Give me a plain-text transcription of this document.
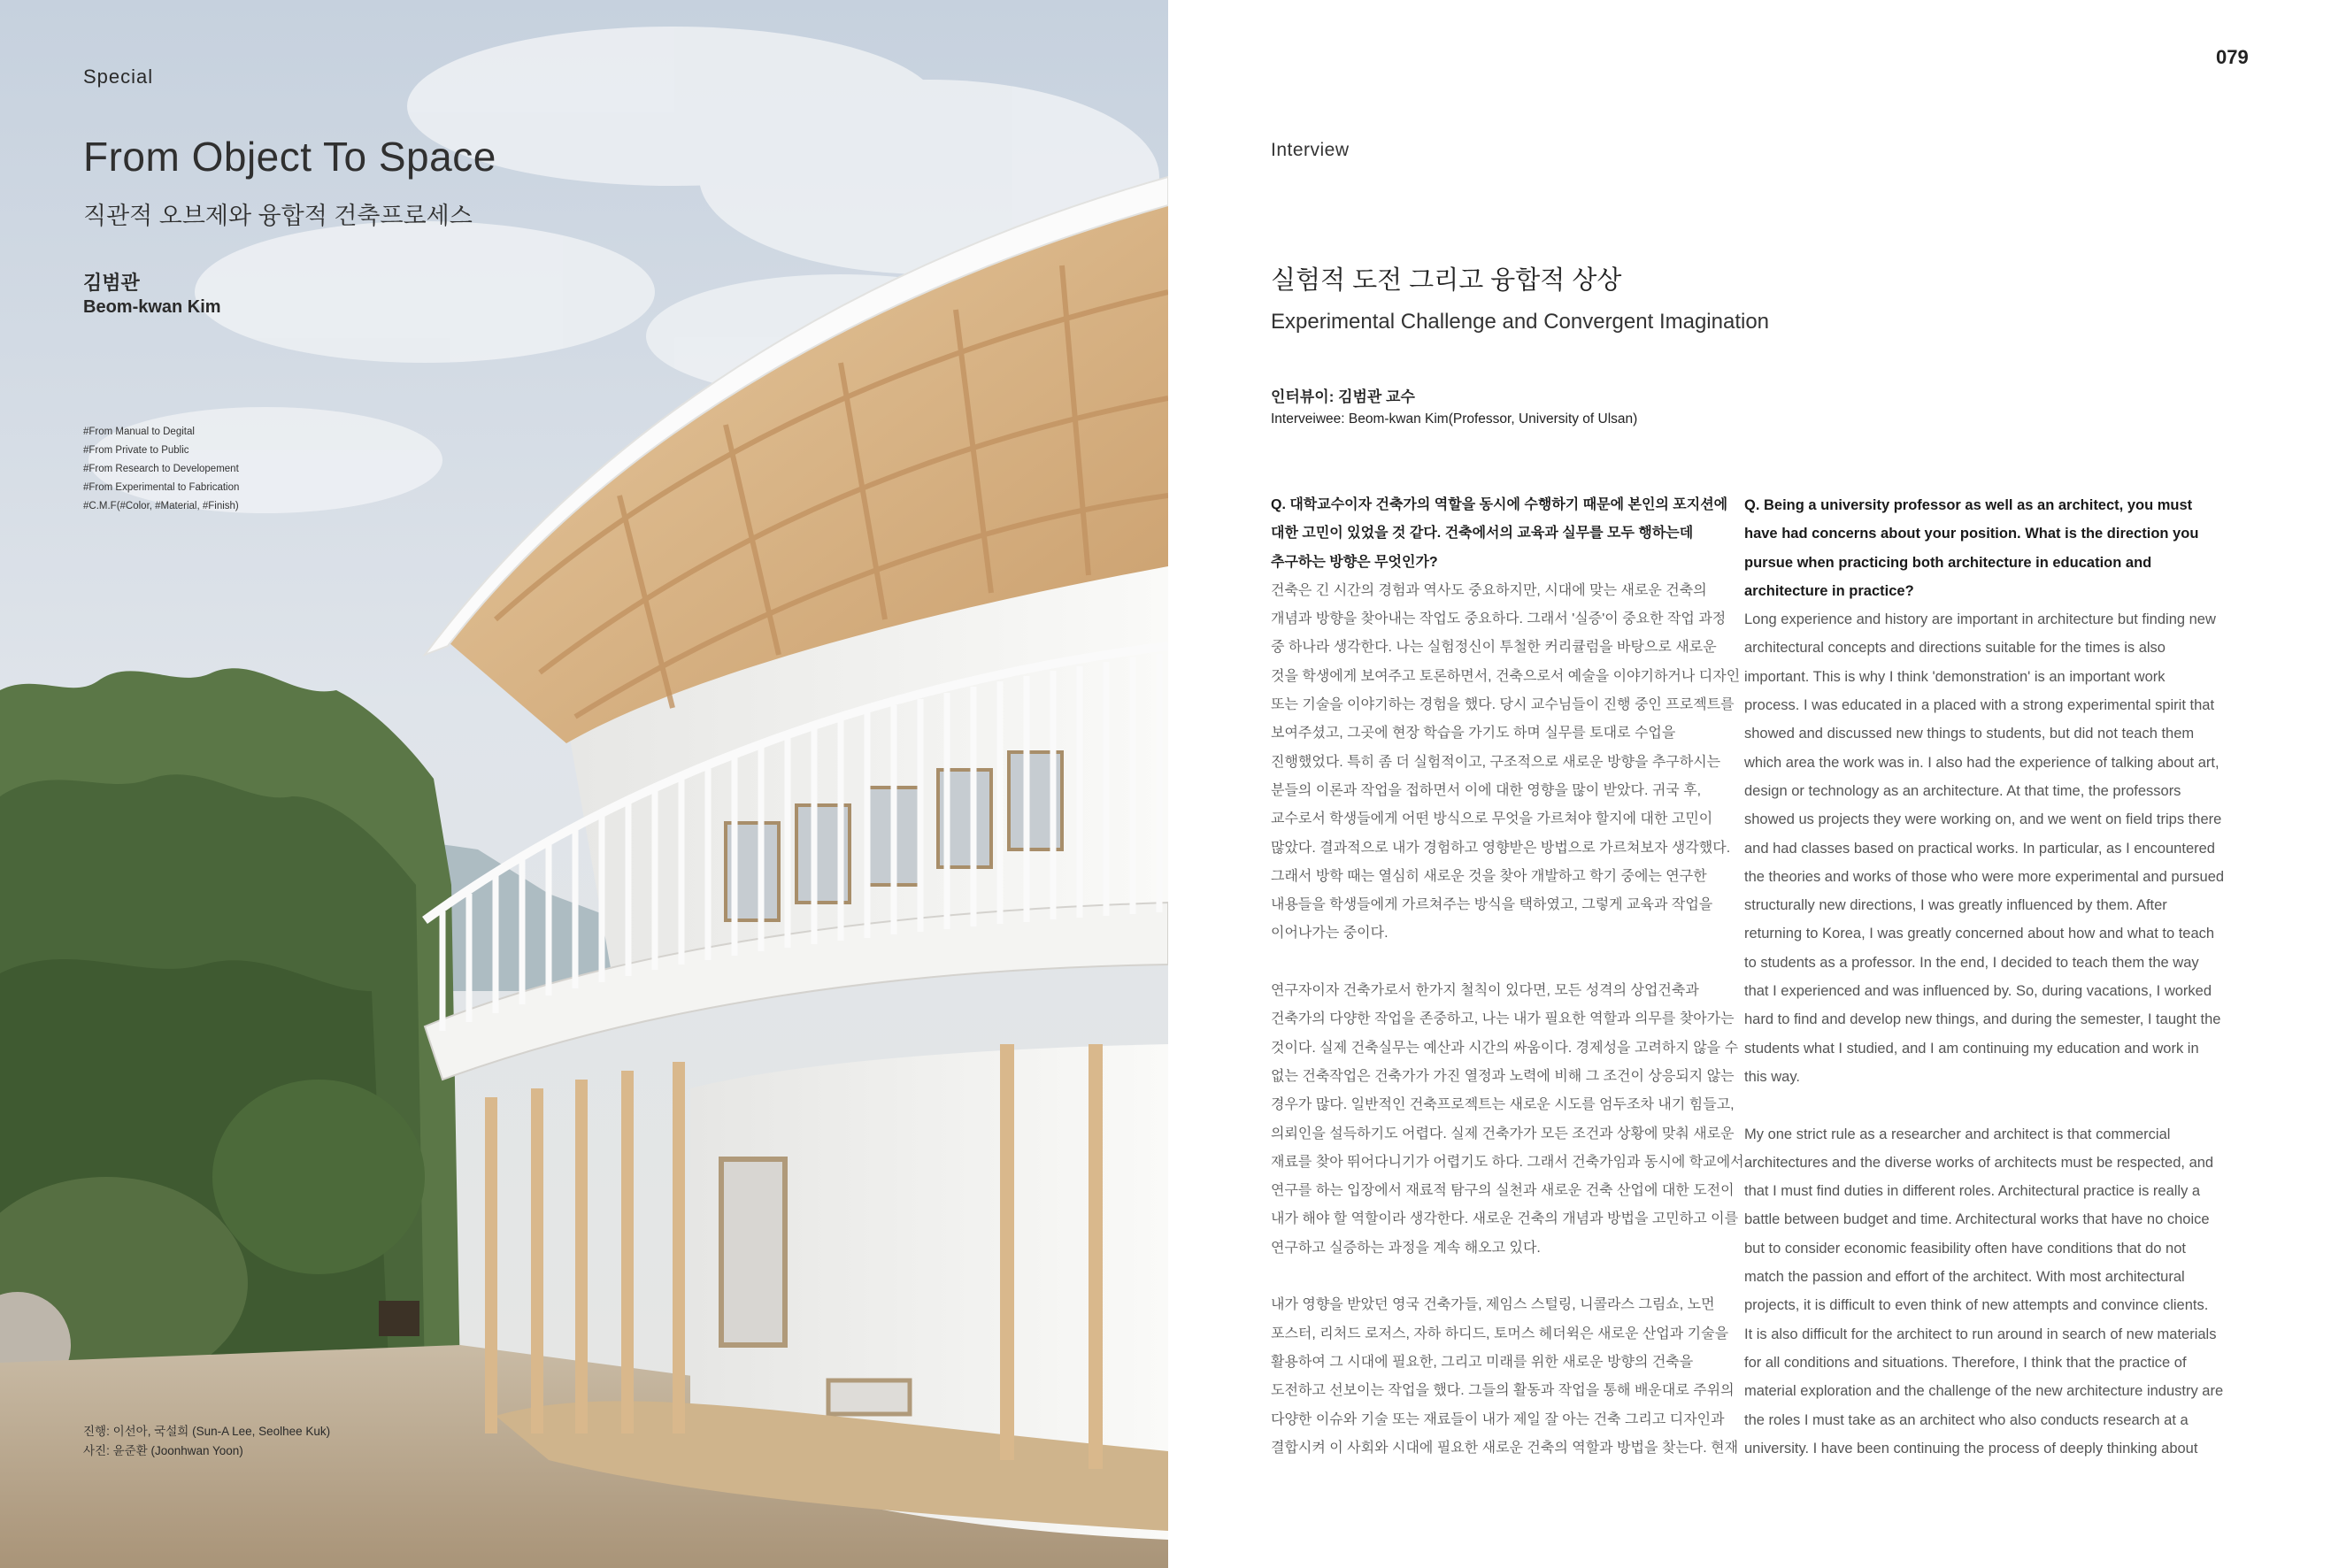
Special
From Object To Space
직관적 오브제와 융합적 건축프로세스
김범관
Beom-kwan Kim
#From Manual to Degital
#From Private to Public
#From Research to Developement
#From Experimental to Fabrication
#C.M.F(#Color, #Material, #Finish)
진행: 이선아, 국설희 (Sun-A Lee, Seolhee Kuk)
사진: 윤준환 (Joonhwan Yoon)
079
Interview
실험적 도전 그리고 융합적 상상
Experimental Challenge and Convergent Imagination
인터뷰이: 김범관 교수
Interveiwee: Beom-kwan Kim(Professor, University of Ulsan)
Q. 대학교수이자 건축가의 역할을 동시에 수행하기 때문에 본인의 포지션에
대한 고민이 있었을 것 같다. 건축에서의 교육과 실무를 모두 행하는데
추구하는 방향은 무엇인가?
건축은 긴 시간의 경험과 역사도 중요하지만, 시대에 맞는 새로운 건축의
개념과 방향을 찾아내는 작업도 중요하다. 그래서 '실증'이 중요한 작업 과정
중 하나라 생각한다. 나는 실험정신이 투철한 커리큘럼을 바탕으로 새로운
것을 학생에게 보여주고 토론하면서, 건축으로서 예술을 이야기하거나 디자인
또는 기술을 이야기하는 경험을 했다. 당시 교수님들이 진행 중인 프로젝트를
보여주셨고, 그곳에 현장 학습을 가기도 하며 실무를 토대로 수업을
진행했었다. 특히 좀 더 실험적이고, 구조적으로 새로운 방향을 추구하시는
분들의 이론과 작업을 접하면서 이에 대한 영향을 많이 받았다. 귀국 후,
교수로서 학생들에게 어떤 방식으로 무엇을 가르쳐야 할지에 대한 고민이
많았다. 결과적으로 내가 경험하고 영향받은 방법으로 가르쳐보자 생각했다.
그래서 방학 때는 열심히 새로운 것을 찾아 개발하고 학기 중에는 연구한
내용들을 학생들에게 가르쳐주는 방식을 택하였고, 그렇게 교육과 작업을
이어나가는 중이다.
연구자이자 건축가로서 한가지 철칙이 있다면, 모든 성격의 상업건축과
건축가의 다양한 작업을 존중하고, 나는 내가 필요한 역할과 의무를 찾아가는
것이다. 실제 건축실무는 예산과 시간의 싸움이다. 경제성을 고려하지 않을 수
없는 건축작업은 건축가가 가진 열정과 노력에 비해 그 조건이 상응되지 않는
경우가 많다. 일반적인 건축프로젝트는 새로운 시도를 엄두조차 내기 힘들고,
의뢰인을 설득하기도 어렵다. 실제 건축가가 모든 조건과 상황에 맞춰 새로운
재료를 찾아 뛰어다니기가 어렵기도 하다. 그래서 건축가임과 동시에 학교에서
연구를 하는 입장에서 재료적 탐구의 실천과 새로운 건축 산업에 대한 도전이
내가 해야 할 역할이라 생각한다. 새로운 건축의 개념과 방법을 고민하고 이를
연구하고 실증하는 과정을 계속 해오고 있다.
내가 영향을 받았던 영국 건축가들, 제임스 스털링, 니콜라스 그림쇼, 노먼
포스터, 리처드 로저스, 자하 하디드, 토머스 헤더윅은 새로운 산업과 기술을
활용하여 그 시대에 필요한, 그리고 미래를 위한 새로운 방향의 건축을
도전하고 선보이는 작업을 했다. 그들의 활동과 작업을 통해 배운대로 주위의
다양한 이슈와 기술 또는 재료들이 내가 제일 잘 아는 건축 그리고 디자인과
결합시켜 이 사회와 시대에 필요한 새로운 건축의 역할과 방법을 찾는다. 현재
Q. Being a university professor as well as an architect, you must
have had concerns about your position. What is the direction you
pursue when practicing both architecture in education and
architecture in practice?
Long experience and history are important in architecture but finding new
architectural concepts and directions suitable for the times is also
important. This is why I think 'demonstration' is an important work
process. I was educated in a placed with a strong experimental spirit that
showed and discussed new things to students, but did not teach them
which area the work was in. I also had the experience of talking about art,
design or technology as an architecture. At that time, the professors
showed us projects they were working on, and we went on field trips there
and had classes based on practical works. In particular, as I encountered
the theories and works of those who were more experimental and pursued
structurally new directions, I was greatly influenced by them. After
returning to Korea, I was greatly concerned about how and what to teach
to students as a professor. In the end, I decided to teach them the way
that I experienced and was influenced by. So, during vacations, I worked
hard to find and develop new things, and during the semester, I taught the
students what I studied, and I am continuing my education and work in
this way.
My one strict rule as a researcher and architect is that commercial
architectures and the diverse works of architects must be respected, and
that I must find duties in different roles. Architectural practice is really a
battle between budget and time. Architectural works that have no choice
but to consider economic feasibility often have conditions that do not
match the passion and effort of the architect. With most architectural
projects, it is difficult to even think of new attempts and convince clients.
It is also difficult for the architect to run around in search of new materials
for all conditions and situations. Therefore, I think that the practice of
material exploration and the challenge of the new architecture industry are
the roles I must take as an architect who also conducts research at a
university. I have been continuing the process of deeply thinking about
